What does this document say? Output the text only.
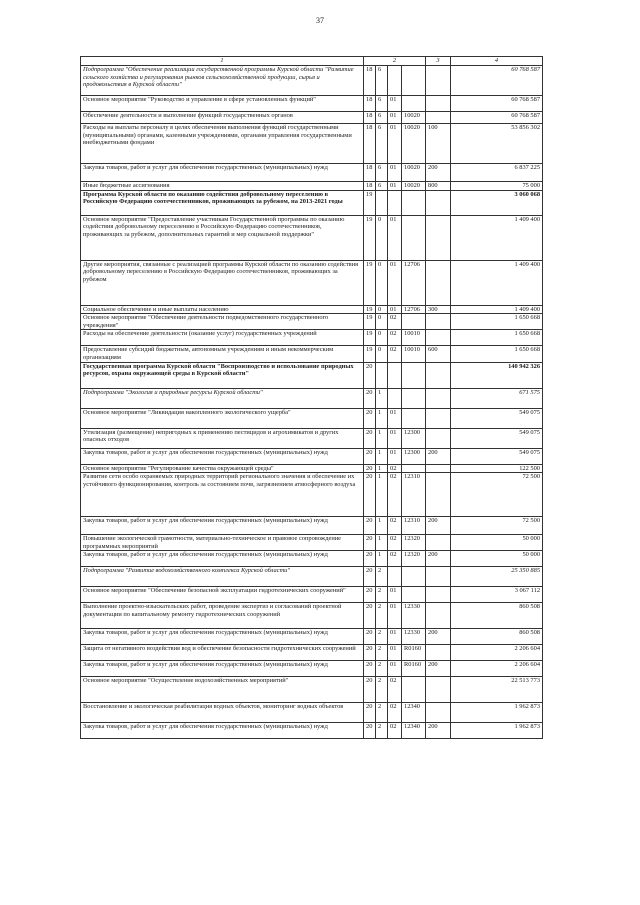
37
1	2				3	4
Подпрограмма "Обеспечение реализации государственной программы Курской области "Развитие сельского хозяйства и регулирования рынков сельскохозяйственной продукции, сырья и продовольствия в Курской области"	18	6				60 768 587
Основное мероприятие "Руководство и управление в сфере установленных функций"	18	6	01			60 768 587
Обеспечение деятельности и выполнение функций государственных органов	18	6	01	10020		60 768 587
Расходы на выплаты персоналу в целях обеспечения выполнения функций государственными (муниципальными) органами, казенными учреждениями, органами управления государственными внебюджетными фондами	18	6	01	10020	100	53 856 302
Закупка товаров, работ и услуг для обеспечения государственных (муниципальных) нужд	18	6	01	10020	200	6 837 225
Иные бюджетные ассигнования	18	6	01	10020	800	75 000
Программа Курской области по оказанию содействия добровольному переселению в Российскую Федерацию соотечественников, проживающих за рубежом, на 2013-2021 годы	19					3 060 068
Основное мероприятие "Предоставление участникам Государственной программы по оказанию содействия добровольному переселению в Российскую Федерацию соотечественников, проживающих за рубежом, дополнительных гарантий и мер социальной поддержки"	19	0	01			1 409 400
Другие мероприятия, связанные с реализацией программы Курской области по оказанию содействия добровольному переселению в Российскую Федерацию соотечественников, проживающих за рубежом	19	0	01	12706		1 409 400
Социальное обеспечение и иные выплаты населению	19	0	01	12706	300	1 409 400
Основное мероприятие "Обеспечение деятельности подведомственного государственного учреждения"	19	0	02			1 650 668
Расходы на обеспечение деятельности (оказание услуг) государственных учреждений	19	0	02	10010		1 650 668
Предоставление субсидий бюджетным, автономным учреждениям и иным некоммерческим организациям	19	0	02	10010	600	1 650 668
Государственная программа Курской области "Воспроизводство и использование природных ресурсов, охрана окружающей среды в Курской области"	20					140 942 326
Подпрограмма "Экология и природные ресурсы Курской области"	20	1				671 575
Основное мероприятие "Ликвидация накопленного экологического ущерба"	20	1	01			549 075
Утилизация (размещение) непригодных к применению пестицидов и агрохимикатов и других опасных отходов	20	1	01	12300		549 075
Закупка товаров, работ и услуг для обеспечения государственных (муниципальных) нужд	20	1	01	12300	200	549 075
Основное мероприятие "Регулирование качества окружающей среды"	20	1	02			122 500
Развитие сети особо охраняемых природных территорий регионального значения и обеспечение их устойчивого функционирования, контроль за состоянием почв, загрязнением атмосферного воздуха	20	1	02	12310		72 500
Закупка товаров, работ и услуг для обеспечения государственных (муниципальных) нужд	20	1	02	12310	200	72 500
Повышение экологической грамотности, материально-техническое и правовое сопровождение программных мероприятий	20	1	02	12320		50 000
Закупка товаров, работ и услуг для обеспечения государственных (муниципальных) нужд	20	1	02	12320	200	50 000
Подпрограмма "Развитие водохозяйственного комплекса Курской области"	20	2				25 350 885
Основное мероприятие "Обеспечение безопасной эксплуатации гидротехнических сооружений"	20	2	01			3 067 112
Выполнение проектно-изыскательских работ, проведение экспертиз и согласований проектной документации по капитальному ремонту гидротехнических сооружений	20	2	01	12330		860 508
Закупка товаров, работ и услуг для обеспечения государственных (муниципальных) нужд	20	2	01	12330	200	860 508
Защита от негативного воздействия вод и обеспечение безопасности гидротехнических сооружений	20	2	01	R0160		2 206 604
Закупка товаров, работ и услуг для обеспечения государственных (муниципальных) нужд	20	2	01	R0160	200	2 206 604
Основное мероприятие "Осуществление водохозяйственных мероприятий"	20	2	02			22 513 773
Восстановление и экологическая реабилитация водных объектов, мониторинг водных объектов	20	2	02	12340		1 962 873
Закупка товаров, работ и услуг для обеспечения государственных (муниципальных) нужд	20	2	02	12340	200	1 962 873
